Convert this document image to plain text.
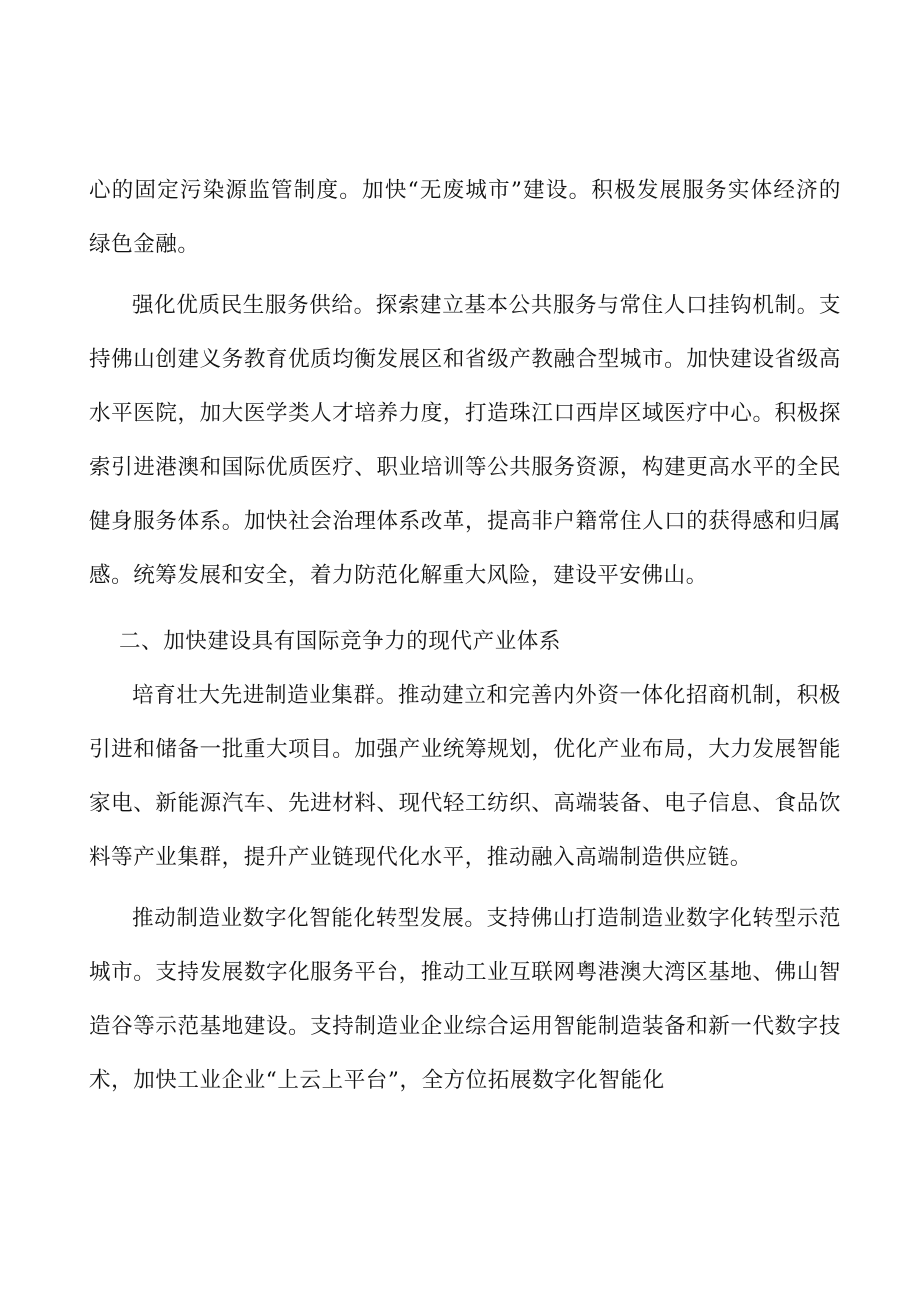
心的固定污染源监管制度。加快“无废城市”建设。积极发展服务实体经济的绿色金融。

强化优质民生服务供给。探索建立基本公共服务与常住人口挂钩机制。支持佛山创建义务教育优质均衡发展区和省级产教融合型城市。加快建设省级高水平医院，加大医学类人才培养力度，打造珠江口西岸区域医疗中心。积极探索引进港澳和国际优质医疗、职业培训等公共服务资源，构建更高水平的全民健身服务体系。加快社会治理体系改革，提高非户籍常住人口的获得感和归属感。统筹发展和安全，着力防范化解重大风险，建设平安佛山。

二、加快建设具有国际竞争力的现代产业体系

培育壮大先进制造业集群。推动建立和完善内外资一体化招商机制，积极引进和储备一批重大项目。加强产业统筹规划，优化产业布局，大力发展智能家电、新能源汽车、先进材料、现代轻工纺织、高端装备、电子信息、食品饮料等产业集群，提升产业链现代化水平，推动融入高端制造供应链。

推动制造业数字化智能化转型发展。支持佛山打造制造业数字化转型示范城市。支持发展数字化服务平台，推动工业互联网粤港澳大湾区基地、佛山智造谷等示范基地建设。支持制造业企业综合运用智能制造装备和新一代数字技术，加快工业企业“上云上平台”，全方位拓展数字化智能化
